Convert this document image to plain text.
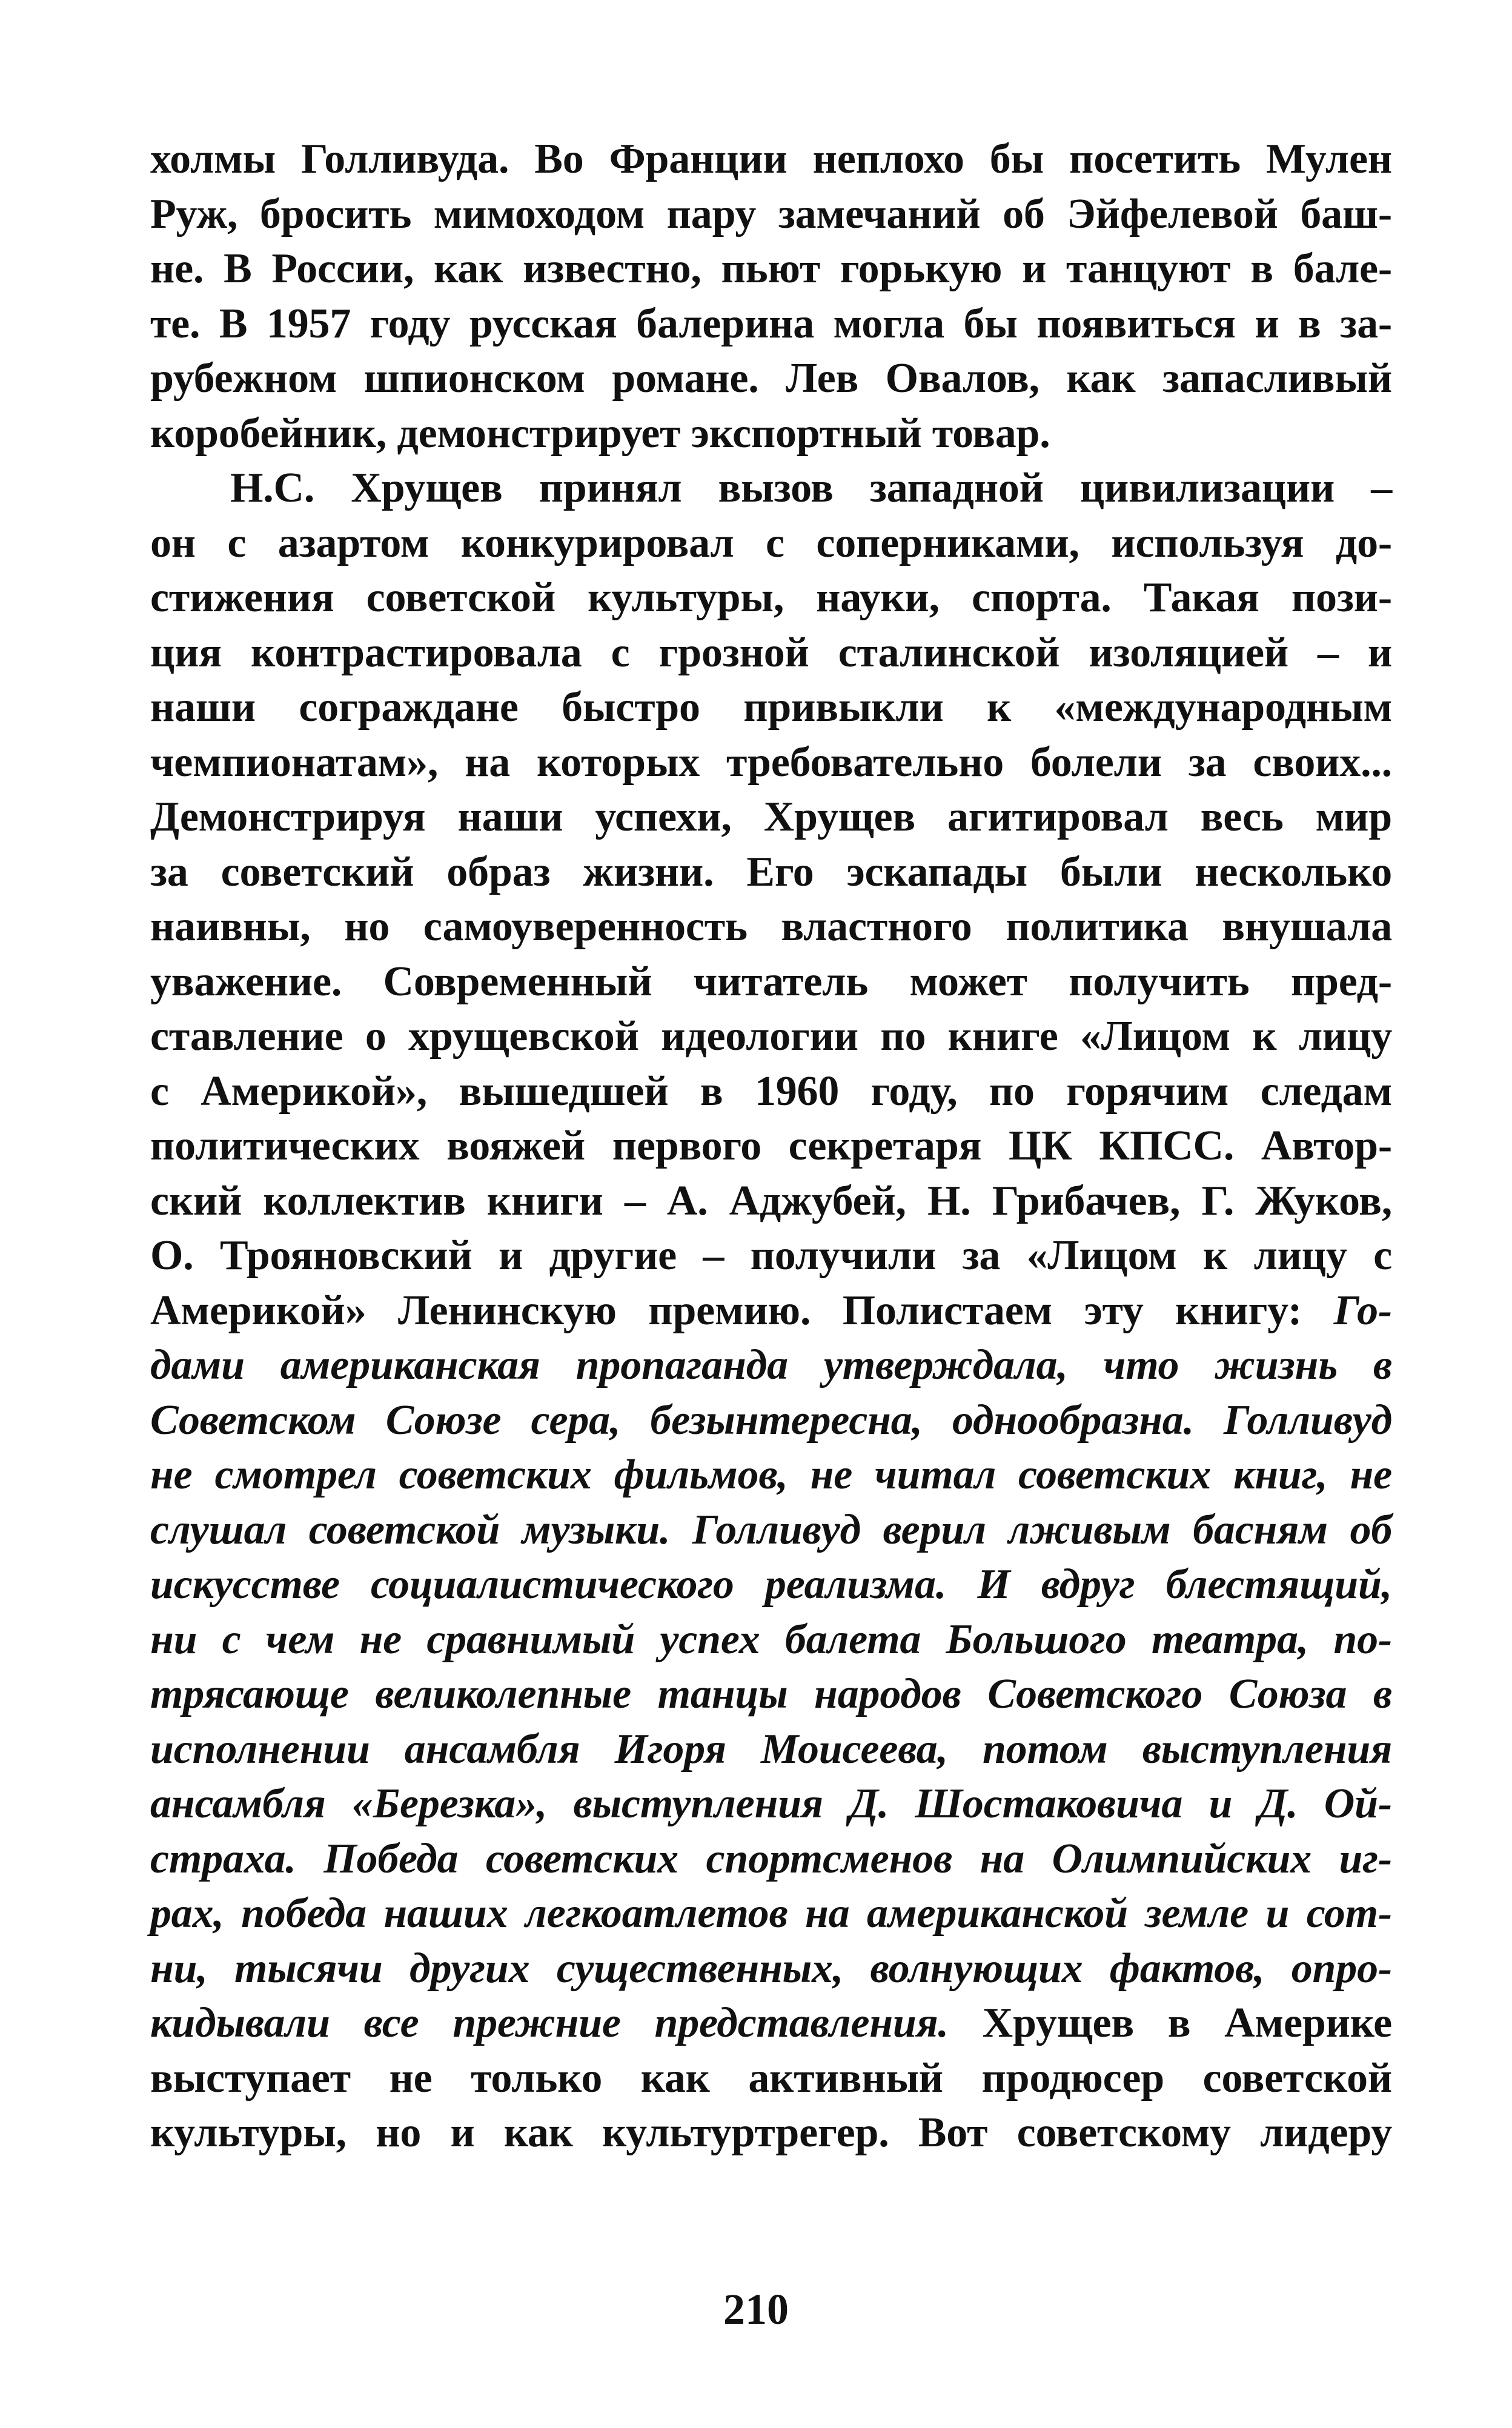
холмы Голливуда. Во Франции неплохо бы посетить Мулен
Руж, бросить мимоходом пару замечаний об Эйфелевой баш-
не. В России, как известно, пьют горькую и танцуют в бале-
те. В 1957 году русская балерина могла бы появиться и в за-
рубежном шпионском романе. Лев Овалов, как запасливый
коробейник, демонстрирует экспортный товар.
Н.С. Хрущев принял вызов западной цивилизации –
он с азартом конкурировал с соперниками, используя до-
стижения советской культуры, науки, спорта. Такая пози-
ция контрастировала с грозной сталинской изоляцией – и
наши сограждане быстро привыкли к «международным
чемпионатам», на которых требовательно болели за своих...
Демонстрируя наши успехи, Хрущев агитировал весь мир
за советский образ жизни. Его эскапады были несколько
наивны, но самоуверенность властного политика внушала
уважение. Современный читатель может получить пред-
ставление о хрущевской идеологии по книге «Лицом к лицу
с Америкой», вышедшей в 1960 году, по горячим следам
политических вояжей первого секретаря ЦК КПСС. Автор-
ский коллектив книги – А. Аджубей, Н. Грибачев, Г. Жуков,
О. Трояновский и другие – получили за «Лицом к лицу с
Америкой» Ленинскую премию. Полистаем эту книгу: Го-
дами американская пропаганда утверждала, что жизнь в
Советском Союзе сера, безынтересна, однообразна. Голливуд
не смотрел советских фильмов, не читал советских книг, не
слушал советской музыки. Голливуд верил лживым басням об
искусстве социалистического реализма. И вдруг блестящий,
ни с чем не сравнимый успех балета Большого театра, по-
трясающе великолепные танцы народов Советского Союза в
исполнении ансамбля Игоря Моисеева, потом выступления
ансамбля «Березка», выступления Д. Шостаковича и Д. Ой-
страха. Победа советских спортсменов на Олимпийских иг-
рах, победа наших легкоатлетов на американской земле и сот-
ни, тысячи других существенных, волнующих фактов, опро-
кидывали все прежние представления. Хрущев в Америке
выступает не только как активный продюсер советской
культуры, но и как культуртрегер. Вот советскому лидеру
210
